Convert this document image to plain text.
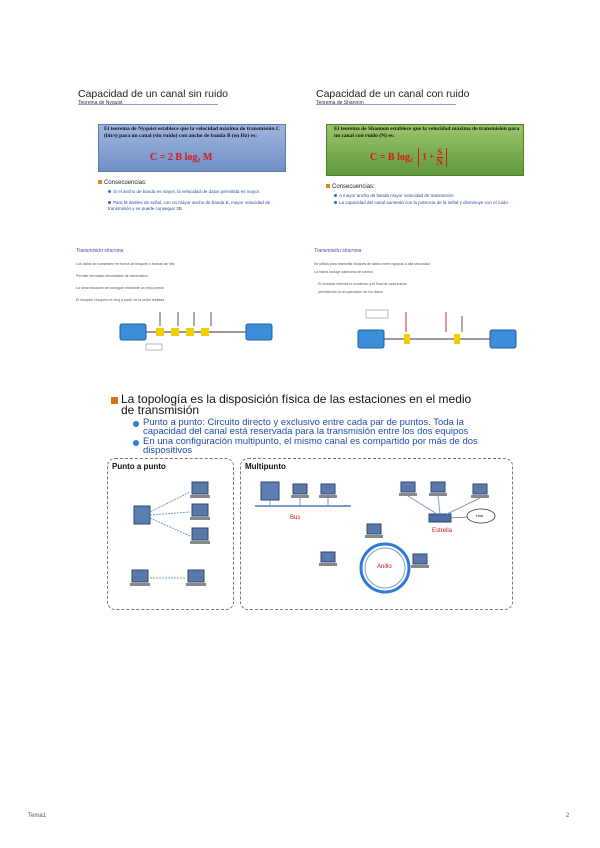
Capacidad de un canal sin ruido
Teorema de Nyquist
El teorema de Nyquist establece que la velocidad máxima de transmisión C (bit/s) para un canal (sin ruido) con ancho de banda B (en Hz) es:
C = 2 B log₂ M
Consecuencias:
Si el ancho de banda es mayor, la velocidad de datos permitida es mayor.
Para M niveles de señal, con un mayor ancho de banda B, mayor velocidad de transmisión y se puede conseguir 2B.
Capacidad de un canal con ruido
Teorema de Shannon
El teorema de Shannon establece que la velocidad máxima de transmisión para un canal con ruido (N) es:
C = B log₂ $1 + \frac{S}{N}$
Consecuencias:
A mayor ancho de banda mayor velocidad de transmisión
La capacidad del canal aumenta con la potencia de la señal y disminuye con el ruido
Transmisión síncrona
Los datos se transmiten en forma de bloques o tramas de bits
Permite elevadas velocidades de transmisión
La sincronización se consigue mediante un reloj común
El receptor recupera el reloj a partir de la señal recibida
Transmisión síncrona
Se utiliza para transmitir bloques de datos entre equipos a alta velocidad
La trama incluye cabecera de control
El receptor detecta el comienzo y el final de cada trama
permitiendo la recuperación de los datos
La topología es la disposición física de las estaciones en el medio de transmisión
Punto a punto: Circuito directo y exclusivo entre cada par de puntos. Toda la capacidad del canal está reservada para la transmisión entre los dos equipos
En una configuración multipunto, el mismo canal es compartido por más de dos dispositivos
Punto a punto	Multipunto
Bus
Estrella
Hub
Anillo
Tema1	2
